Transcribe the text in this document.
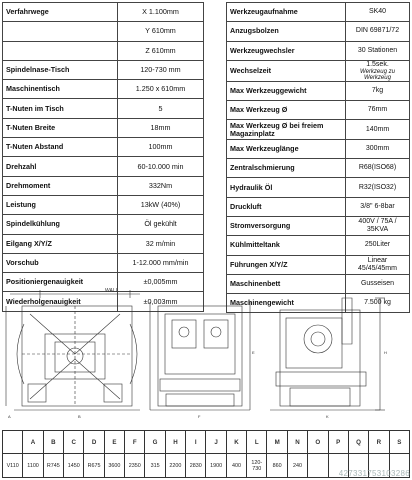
Verfahrwege	X 1.100mm
	Y 610mm
	Z 610mm
Spindelnase-Tisch	120-730 mm
Maschinentisch	1.250 x 610mm
T-Nuten im Tisch	5
T-Nuten Breite	18mm
T-Nuten Abstand	100mm
Drehzahl	60-10.000 min
Drehmoment	332Nm
Leistung	13kW (40%)
Spindelkühlung	Öl gekühlt
Eilgang X/Y/Z	32 m/min
Vorschub	1-12.000 mm/min
Positioniergenauigkeit	±0,005mm
Wiederholgenauigkeit	±0,003mm
Werkzeugaufnahme	SK40
Anzugsbolzen	DIN 69871/72
Werkzeugwechsler	30 Stationen
Wechselzeit	1.5sek.
Werkzeug zu Werkzeug

Max Werkzeuggewicht	7kg
Max Werkzeug Ø	76mm
Max Werkzeug Ø bei freiem Magazinplatz	140mm
Max Werkzeuglänge	300mm
Zentralschmierung	R68(ISO68)
Hydraulik Öl	R32(ISO32)
Druckluft	3/8" 6-8bar
Stromversorgung	400V / 75A / 35KVA
Kühlmitteltank	250Liter
Führungen X/Y/Z	Linear 45/45/45mm
Maschinenbett	Gusseisen
Maschinengewicht	7.500 kg
WALL
A	B	F
E
K
H
	A	B	C	D	E	F	G	H	I	J	K	L	M	N	O	P	Q	R	S
V110	1100	R745	1450	R675	3600	2350	315	2200	2830	1900	400	120-730	860	240					
427331753103286
